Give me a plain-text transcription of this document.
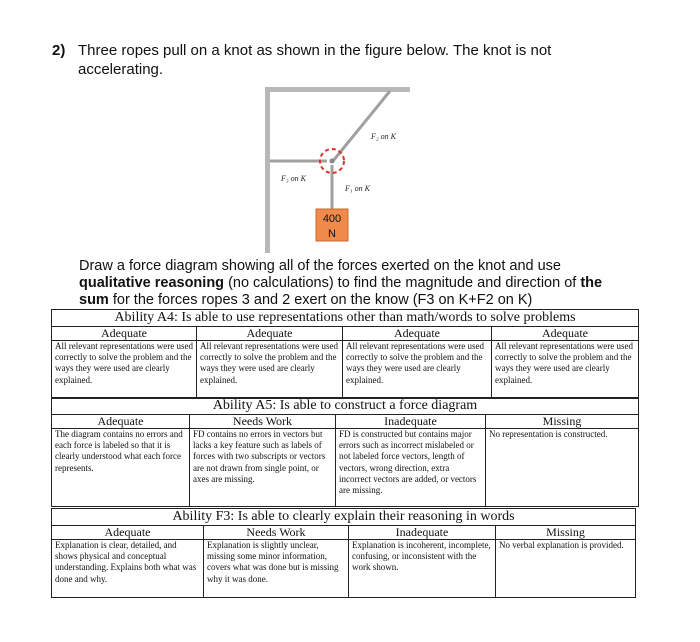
2) Three ropes pull on a knot as shown in the figure below. The knot is not accelerating.
F₂ on K
F₃ on K
F₁ on K
400
N
Draw a force diagram showing all of the forces exerted on the knot and use qualitative reasoning (no calculations) to find the magnitude and direction of the sum for the forces ropes 3 and 2 exert on the know (F3 on K+F2 on K)
Ability A4: Is able to use representations other than math/words to solve problems			
Adequate	Adequate	Adequate	Adequate
All relevant representations were used correctly to solve the problem and the ways they were used are clearly explained.	All relevant representations were used correctly to solve the problem and the ways they were used are clearly explained.	All relevant representations were used correctly to solve the problem and the ways they were used are clearly explained.	All relevant representations were used correctly to solve the problem and the ways they were used are clearly explained.
Ability A5: Is able to construct a force diagram			
Adequate	Needs Work	Inadequate	Missing
The diagram contains no errors and each force is labeled so that it is clearly understood what each force represents.	FD contains no errors in vectors but lacks a key feature such as labels of forces with two subscripts or vectors are not drawn from single point, or axes are missing.	FD is constructed but contains major errors such as incorrect mislabeled or not labeled force vectors, length of vectors, wrong direction, extra incorrect vectors are added, or vectors are missing.	No representation is constructed.
Ability F3: Is able to clearly explain their reasoning in words			
Adequate	Needs Work	Inadequate	Missing
Explanation is clear, detailed, and shows physical and conceptual understanding. Explains both what was done and why.	Explanation is slightly unclear, missing some minor information, covers what was done but is missing why it was done.	Explanation is incoherent, incomplete, confusing, or inconsistent with the work shown.	No verbal explanation is provided.
